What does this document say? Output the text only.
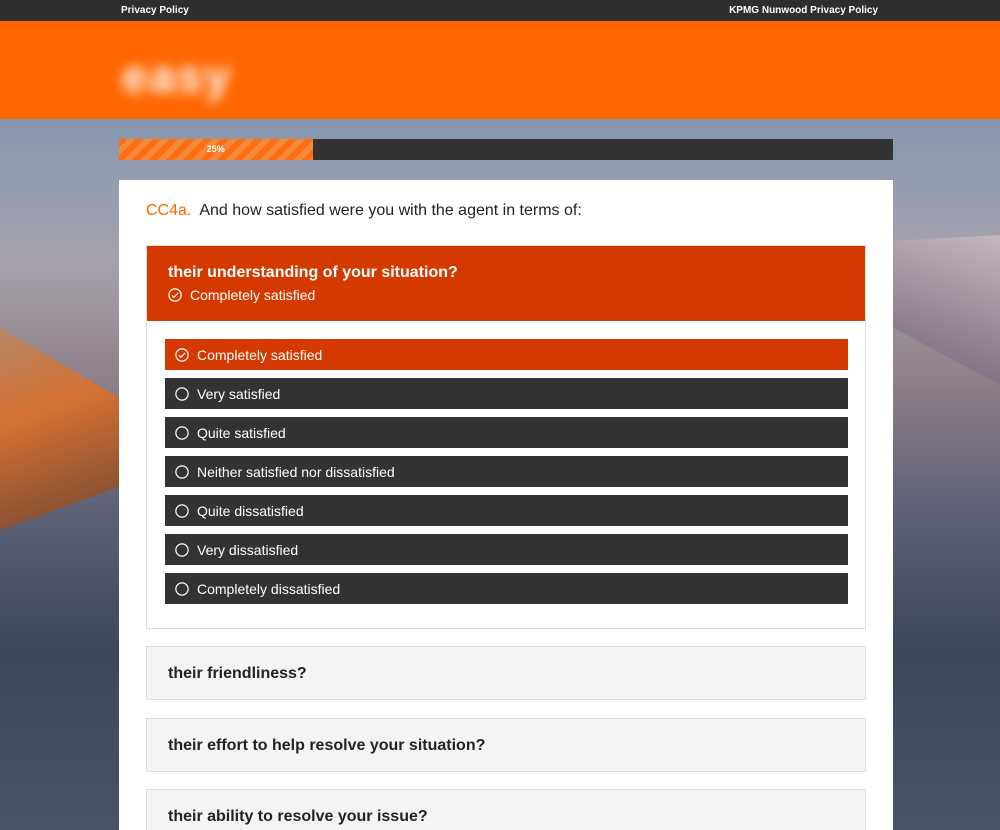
Privacy Policy	KPMG Nunwood Privacy Policy
easy
25%
CC4a. And how satisfied were you with the agent in terms of:
their understanding of your situation?
Completely satisfied
Completely satisfied
Very satisfied
Quite satisfied
Neither satisfied nor dissatisfied
Quite dissatisfied
Very dissatisfied
Completely dissatisfied
their friendliness?
their effort to help resolve your situation?
their ability to resolve your issue?
